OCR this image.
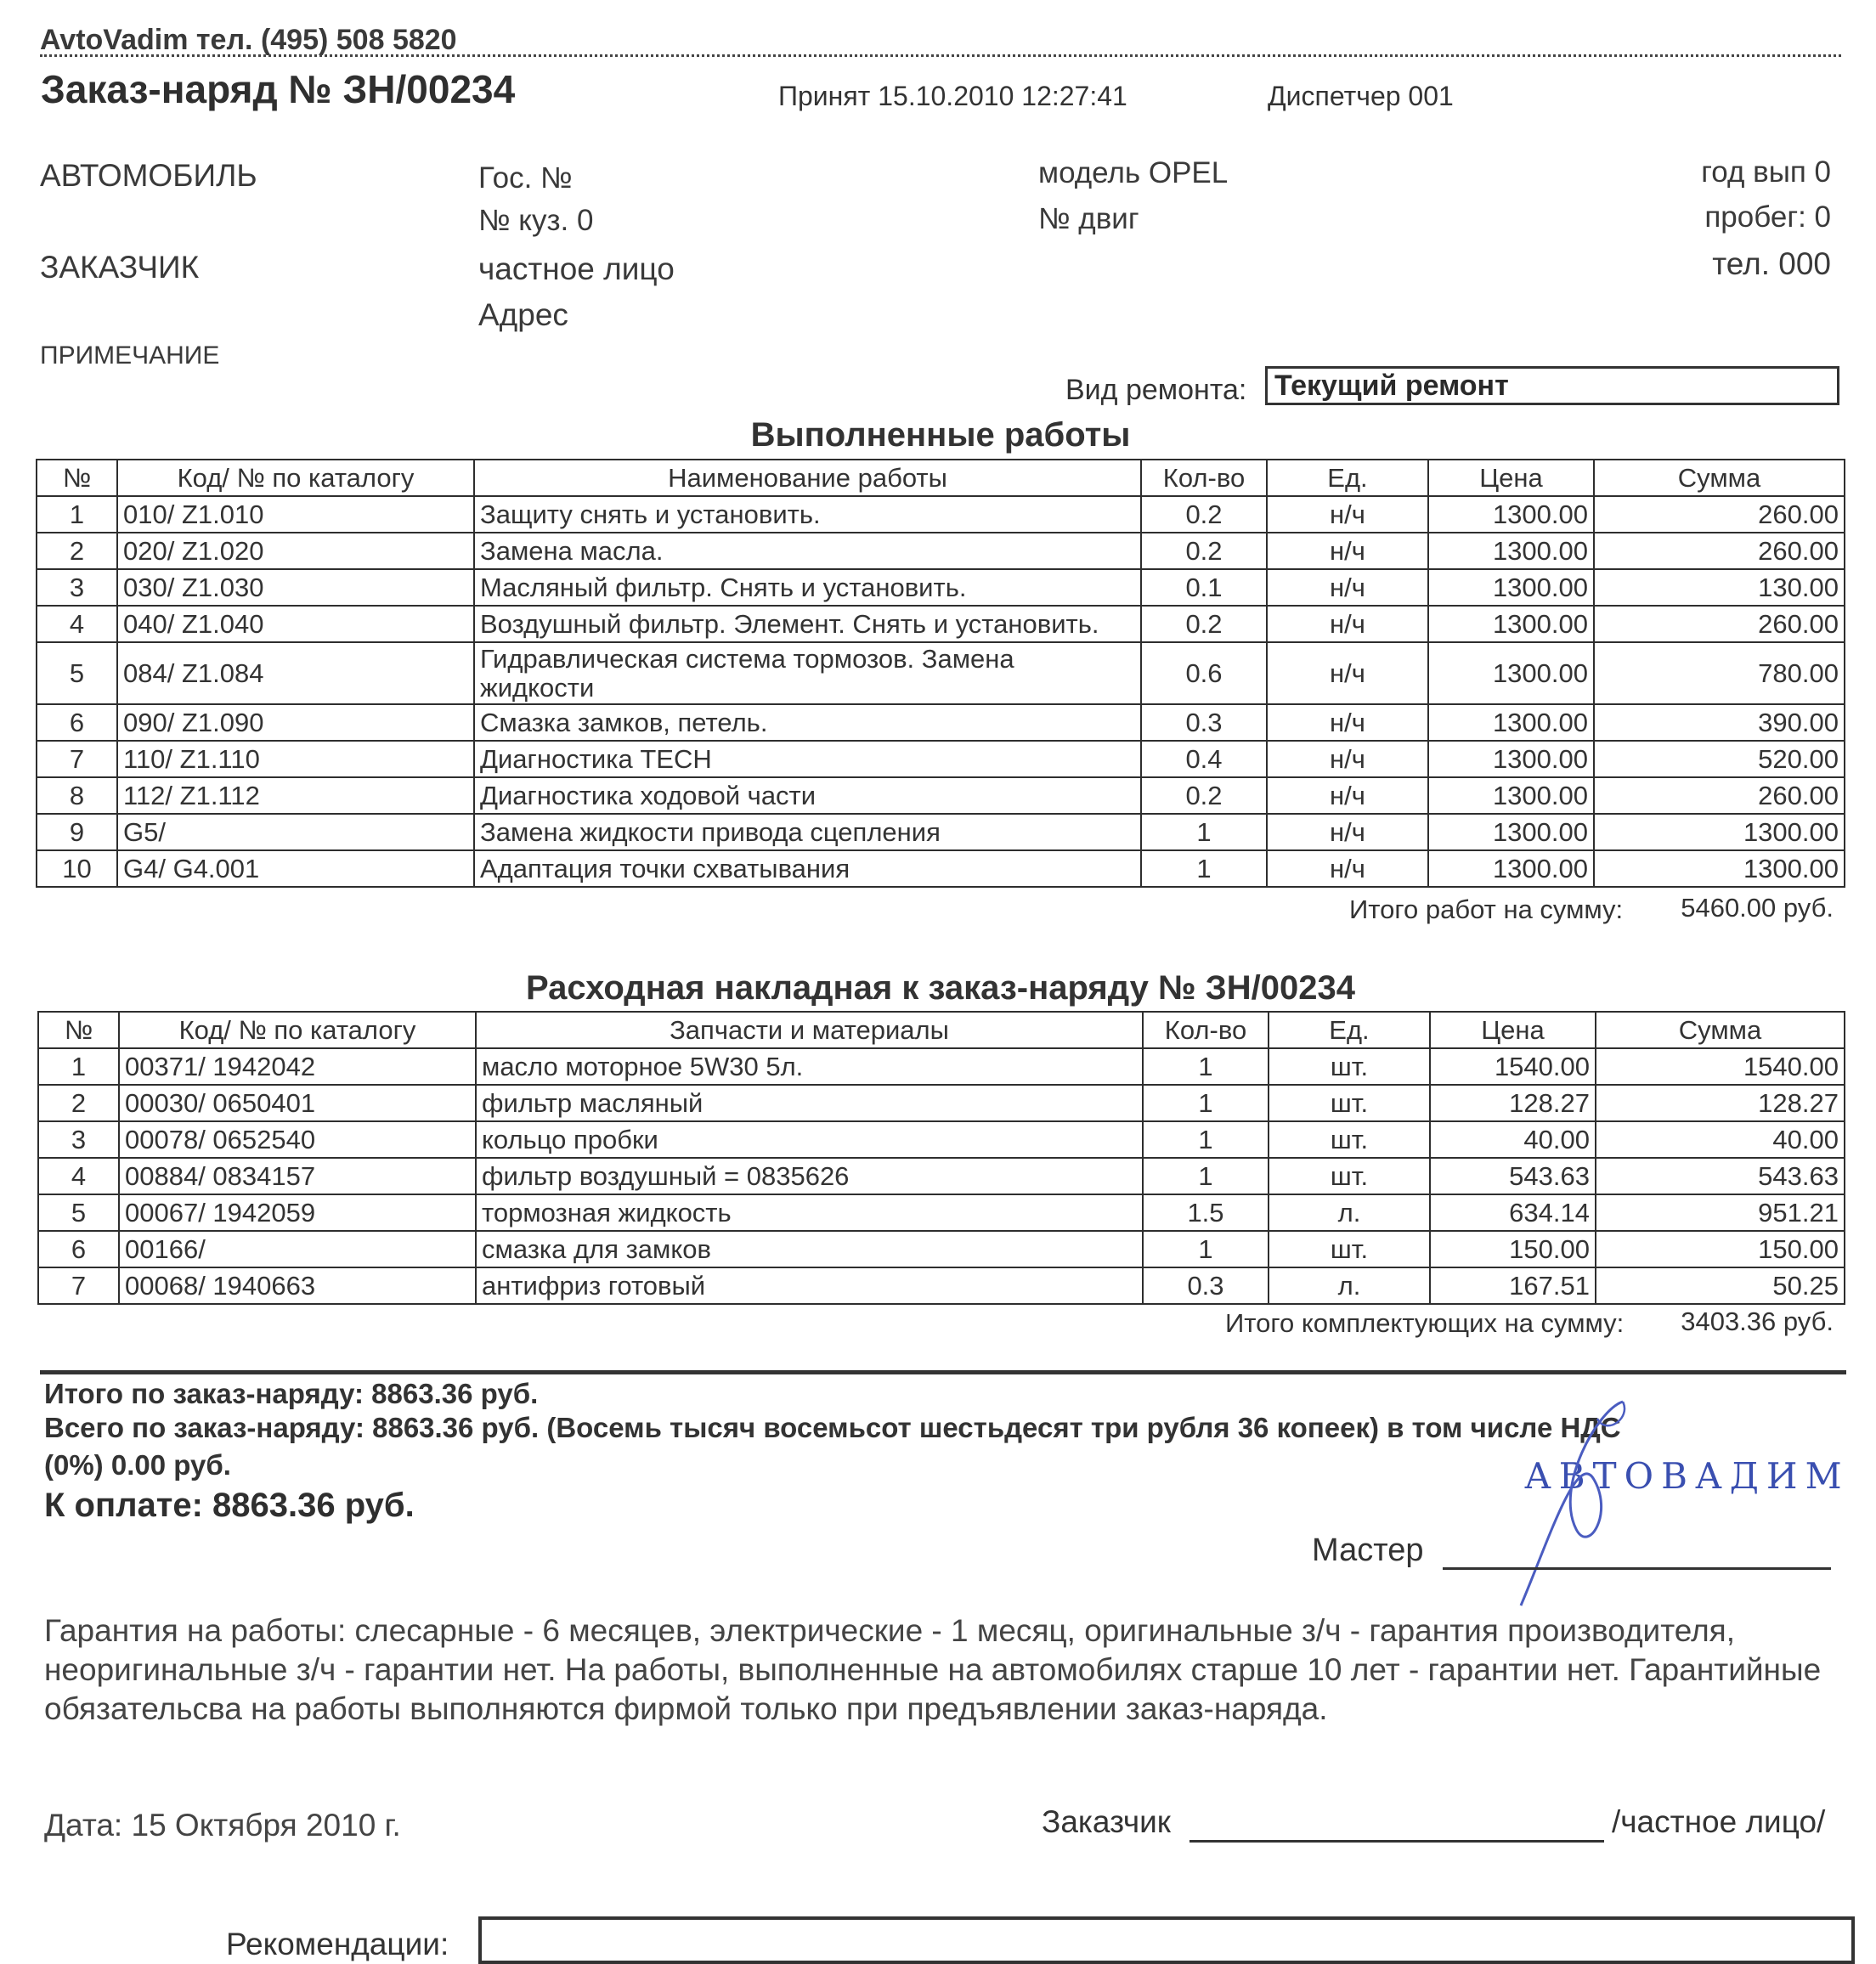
AvtoVadim тел. (495) 508 5820
Заказ-наряд № ЗН/00234	Принят 15.10.2010 12:27:41	Диспетчер 001
АВТОМОБИЛЬ	Гос. №
№ куз. 0
модель OPEL
№ двиг
год вып 0
пробег: 0
ЗАКАЗЧИК	частное лицо
Адрес
тел. 000
ПРИМЕЧАНИЕ
Вид ремонта: Текущий ремонт
Выполненные работы
№	Код/ № по каталогу	Наименование работы	Кол-во	Ед.	Цена	Сумма
1	010/ Z1.010	Защиту снять и установить.	0.2	н/ч	1300.00	260.00
2	020/ Z1.020	Замена масла.	0.2	н/ч	1300.00	260.00
3	030/ Z1.030	Масляный фильтр. Снять и установить.	0.1	н/ч	1300.00	130.00
4	040/ Z1.040	Воздушный фильтр. Элемент. Снять и установить.	0.2	н/ч	1300.00	260.00
5	084/ Z1.084	Гидравлическая система тормозов. Замена жидкости	0.6	н/ч	1300.00	780.00
6	090/ Z1.090	Смазка замков, петель.	0.3	н/ч	1300.00	390.00
7	110/ Z1.110	Диагностика TECH	0.4	н/ч	1300.00	520.00
8	112/ Z1.112	Диагностика ходовой части	0.2	н/ч	1300.00	260.00
9	G5/	Замена жидкости привода сцепления	1	н/ч	1300.00	1300.00
10	G4/ G4.001	Адаптация точки схватывания	1	н/ч	1300.00	1300.00
Итого работ на сумму:	5460.00 руб.
Расходная накладная к заказ-наряду № ЗН/00234
№	Код/ № по каталогу	Запчасти и материалы	Кол-во	Ед.	Цена	Сумма
1	00371/ 1942042	масло моторное 5W30 5л.	1	шт.	1540.00	1540.00
2	00030/ 0650401	фильтр масляный	1	шт.	128.27	128.27
3	00078/ 0652540	кольцо пробки	1	шт.	40.00	40.00
4	00884/ 0834157	фильтр воздушный = 0835626	1	шт.	543.63	543.63
5	00067/ 1942059	тормозная жидкость	1.5	л.	634.14	951.21
6	00166/	смазка для замков	1	шт.	150.00	150.00
7	00068/ 1940663	антифриз готовый	0.3	л.	167.51	50.25
Итого комплектующих на сумму:	3403.36 руб.
Итого по заказ-наряду: 8863.36 руб.
Всего по заказ-наряду: 8863.36 руб. (Восемь тысяч восемьсот шестьдесят три рубля 36 копеек) в том числе НДС
(0%) 0.00 руб.
К оплате: 8863.36 руб.
АВТОВАДИМ
Мастер
Гарантия на работы: слесарные - 6 месяцев, электрические - 1 месяц, оригинальные з/ч - гарантия производителя, неоригинальные з/ч - гарантии нет. На работы, выполненные на автомобилях старше 10 лет - гарантии нет. Гарантийные обязательсва на работы выполняются фирмой только при предъявлении заказ-наряда.
Дата: 15 Октября 2010 г.	Заказчик	/частное лицо/
Рекомендации:
